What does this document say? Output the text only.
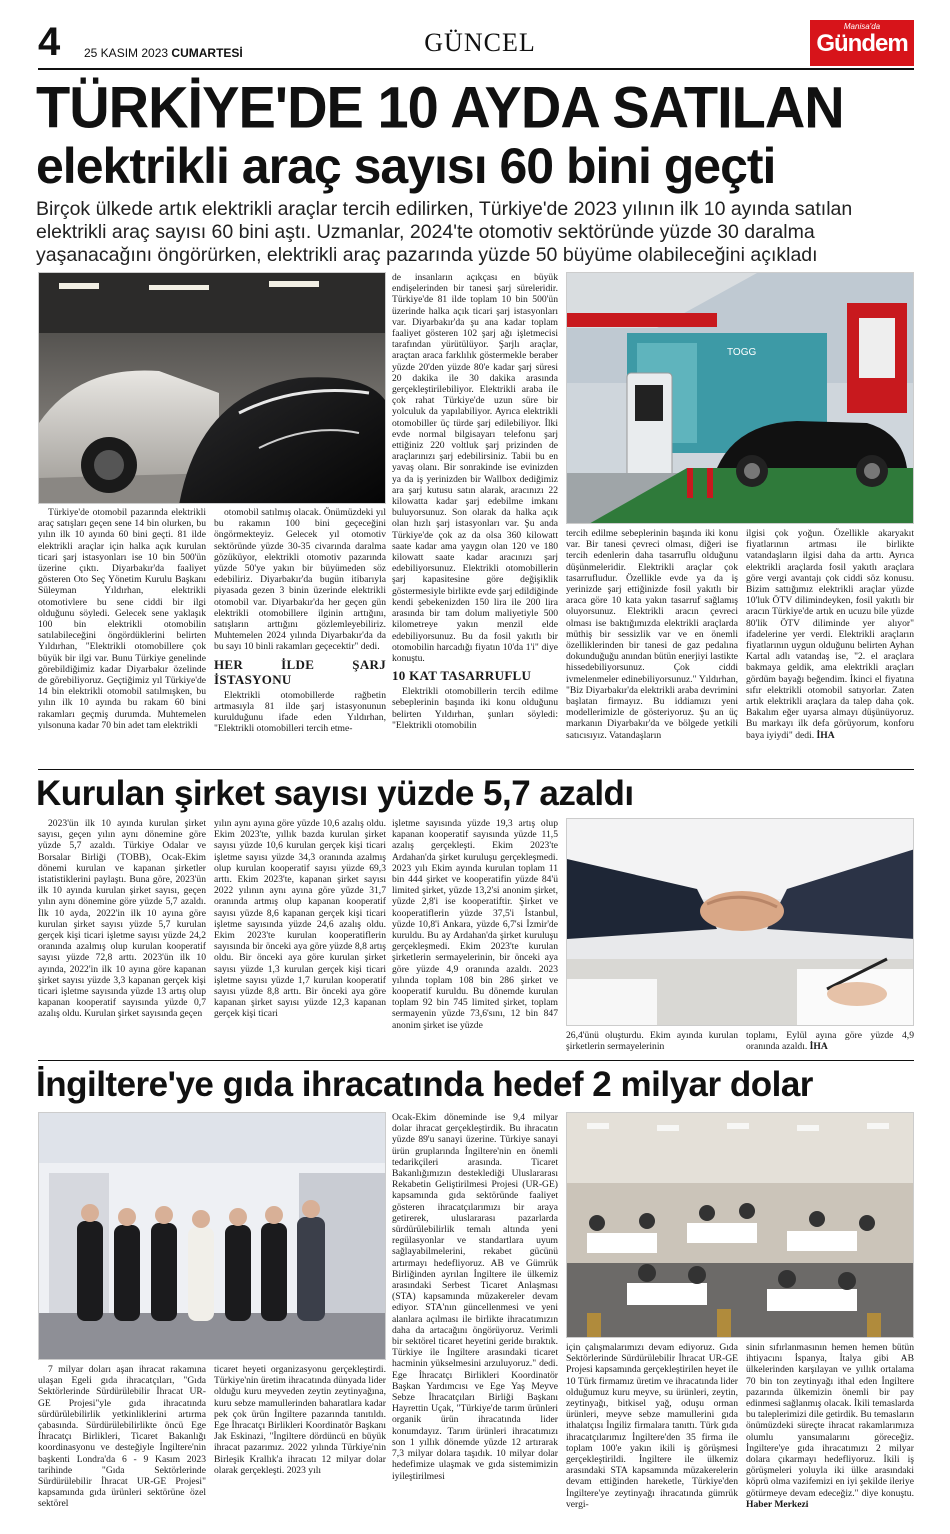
4 25 KASIM 2023 CUMARTESİ	GÜNCEL
Manisa'da
Gündem
TÜRKİYE'DE 10 AYDA SATILAN
elektrikli araç sayısı 60 bini geçti
Birçok ülkede artık elektrikli araçlar tercih edilirken, Türkiye'de 2023 yılının ilk 10 ayında satılan elektrikli araç sayısı 60 bini aştı. Uzmanlar, 2024'te otomotiv sektöründe yüzde 30 daralma yaşanacağını öngörürken, elektrikli araç pazarında yüzde 50 büyüme olabileceğini açıkladı
TOGG

Türkiye'de otomobil pazarında elektrikli araç satışları geçen sene 14 bin olurken, bu yılın ilk 10 ayında 60 bini geçti. 81 ilde elektrikli araçlar için halka açık kurulan ticari şarj istasyonları ise 10 bin 500'ün üzerine çıktı. Diyarbakır'da faaliyet gösteren Oto Seç Yönetim Kurulu Başkanı Süleyman Yıldırhan, elektrikli otomotivlere bu sene ciddi bir ilgi olduğunu söyledi. Gelecek sene yaklaşık 100 bin elektrikli otomobilin satılabileceğini öngördüklerini belirten Yıldırhan, "Elektrikli otomobillere çok büyük bir ilgi var. Bunu Türkiye genelinde görebildiğimiz kadar Diyarbakır özelinde de görebiliyoruz. Geçtiğimiz yıl Türkiye'de 14 bin elektrikli otomobil satılmışken, bu yılın ilk 10 ayında bu rakam 60 bini rakamları geçmiş durumda. Muhtemelen yılsonuna kadar 70 bin adet tam elektrikli

otomobil satılmış olacak. Önümüzdeki yıl bu rakamın 100 bini geçeceğini öngörmekteyiz. Gelecek yıl otomotiv sektöründe yüzde 30-35 civarında daralma gözüküyor, elektrikli otomotiv pazarında yüzde 50'ye yakın bir büyümeden söz edebiliriz. Diyarbakır'da bugün itibarıyla piyasada gezen 3 binin üzerinde elektrikli otomobil var. Diyarbakır'da her geçen gün elektrikli otomobillere ilginin arttığını, satışların arttığını gözlemleyebiliriz. Muhtemelen 2024 yılında Diyarbakır'da da bu sayı 10 binli rakamları geçecektir" dedi.

HER İLDE ŞARJ İSTASYONU

Elektrikli otomobillerde rağbetin artmasıyla 81 ilde şarj istasyonunun kurulduğunu ifade eden Yıldırhan, "Elektrikli otomobilleri tercih etme-

de insanların açıkçası en büyük endişelerinden bir tanesi şarj süreleridir. Türkiye'de 81 ilde toplam 10 bin 500'ün üzerinde halka açık ticari şarj istasyonları var. Diyarbakır'da şu ana kadar toplam faaliyet gösteren 102 şarj ağı işletmecisi tarafından yürütülüyor. Şarjlı araçlar, araçtan araca farklılık göstermekle beraber yüzde 20'den yüzde 80'e kadar şarj süresi 20 dakika ile 30 dakika arasında gerçekleştirilebiliyor. Elektrikli araba ile çok rahat Türkiye'de uzun süre bir yolculuk da yapılabiliyor. Ayrıca elektrikli otomobiller üç türde şarj edilebiliyor. İlki evde normal bilgisayarı telefonu şarj ettiğiniz 220 voltluk şarj prizinden de araçlarınızı şarj edebilirsiniz. Tabii bu en yavaş olanı. Bir sonrakinde ise evinizden ya da iş yerinizden bir Wallbox dediğimiz ara şarj kutusu satın alarak, aracınızı 22 kilowatta kadar şarj edebilme imkanı buluyorsunuz. Son olarak da halka açık olan hızlı şarj istasyonları var. Şu anda Türkiye'de çok az da olsa 360 kilowatt saate kadar ama yaygın olan 120 ve 180 kilowatt saate kadar aracınızı şarj edebiliyorsunuz. Elektrikli otomobillerin şarj kapasitesine göre değişiklik göstermesiyle birlikte evde şarj edildiğinde kendi şebekenizden 150 lira ile 200 lira arasında bir tam dolum maliyetiyle 500 kilometreye yakın menzil elde edebiliyorsunuz. Bu da fosil yakıtlı bir otomobilin harcadığı fiyatın 10'da 1'i" diye konuştu.

10 KAT TASARRUFLU

Elektrikli otomobillerin tercih edilme sebeplerinin başında iki konu olduğunu belirten Yıldırhan, şunları söyledi: "Elektrikli otomobilin

tercih edilme sebeplerinin başında iki konu var. Bir tanesi çevreci olması, diğeri ise tercih edenlerin daha tasarruflu olduğunu düşünmeleridir. Elektrikli araçlar çok tasarrufludur. Özellikle evde ya da iş yerinizde şarj ettiğinizde fosil yakıtlı bir araca göre 10 kata yakın tasarruf sağlamış oluyorsunuz. Elektrikli aracın çevreci olması ise baktığımızda elektrikli araçlarda müthiş bir sessizlik var ve en önemli özelliklerinden bir tanesi de gaz pedalına dokunduğuğu anından bütün enerjiyi lastikte hissedebiliyorsunuz. Çok ciddi ivmelenmeler edinebiliyorsunuz." Yıldırhan, "Biz Diyarbakır'da elektrikli araba devrimini başlatan firmayız. Bu iddiamızı yeni modellerimizle de gösteriyoruz. Şu an üç markanın Diyarbakır'da ve bölgede yetkili satıcısıyız. Vatandaşların

ilgisi çok yoğun. Özellikle akaryakıt fiyatlarının artması ile birlikte vatandaşların ilgisi daha da arttı. Ayrıca elektrikli araçlarda fosil yakıtlı araçlara göre vergi avantajı çok ciddi söz konusu. Bizim sattığımız elektrikli araçlar yüzde 10'luk ÖTV dilimindeyken, fosil yakıtlı bir aracın Türkiye'de artık en ucuzu bile yüzde 80'lik ÖTV diliminde yer alıyor" ifadelerine yer verdi. Elektrikli araçların fiyatlarının uygun olduğunu belirten Ayhan Kartal adlı vatandaş ise, "2. el araçlara bakmaya geldik, ama elektrikli araçları gördüm bayağı beğendim. İkinci el fiyatına sıfır elektrikli otomobil satıyorlar. Zaten artık elektrikli araçlara da talep daha çok. Bakalım eğer uyarsa almayı düşünüyoruz. Bu markayı ilk defa görüyorum, konforu baya iyiydi" dedi. İHA

Kurulan şirket sayısı yüzde 5,7 azaldı

2023'ün ilk 10 ayında kurulan şirket sayısı, geçen yılın aynı dönemine göre yüzde 5,7 azaldı. Türkiye Odalar ve Borsalar Birliği (TOBB), Ocak-Ekim dönemi kurulan ve kapanan şirketler istatistiklerini paylaştı. Buna göre, 2023'ün ilk 10 ayında kurulan şirket sayısı, geçen yılın aynı dönemine göre yüzde 5,7 azaldı. İlk 10 ayda, 2022'in ilk 10 ayına göre kurulan şirket sayısı yüzde 5,7 kurulan gerçek kişi ticari işletme sayısı yüzde 24,2 oranında azalmış olup kurulan kooperatif sayısı yüzde 72,8 arttı. 2023'ün ilk 10 ayında, 2022'in ilk 10 ayına göre kapanan şirket sayısı yüzde 3,3 kapanan gerçek kişi ticari işletme sayısında yüzde 13 artış olup kapanan kooperatif sayısında yüzde 0,7 azalış oldu. Kurulan şirket sayısında geçen

yılın aynı ayına göre yüzde 10,6 azalış oldu. Ekim 2023'te, yıllık bazda kurulan şirket sayısı yüzde 10,6 kurulan gerçek kişi ticari işletme sayısı yüzde 34,3 oranında azalmış olup kurulan kooperatif sayısı yüzde 69,3 arttı. Ekim 2023'te, kapanan şirket sayısı 2022 yılının aynı ayına göre yüzde 31,7 oranında artmış olup kapanan kooperatif sayısı yüzde 8,6 kapanan gerçek kişi ticari işletme sayısında yüzde 24,6 azalış oldu. Ekim 2023'te kurulan kooperatiflerin sayısında bir önceki aya göre yüzde 8,8 artış oldu. Bir önceki aya göre kurulan şirket sayısı yüzde 1,3 kurulan gerçek kişi ticari işletme sayısı yüzde 1,7 kurulan kooperatif sayısı yüzde 8,8 arttı. Bir önceki aya göre kapanan şirket sayısı yüzde 12,3 kapanan gerçek kişi ticari

işletme sayısında yüzde 19,3 artış olup kapanan kooperatif sayısında yüzde 11,5 azalış gerçekleşti. Ekim 2023'te Ardahan'da şirket kuruluşu gerçekleşmedi. 2023 yılı Ekim ayında kurulan toplam 11 bin 444 şirket ve kooperatifin yüzde 84'ü limited şirket, yüzde 13,2'si anonim şirket, yüzde 2,8'i ise kooperatiftir. Şirket ve kooperatiflerin yüzde 37,5'i İstanbul, yüzde 10,8'i Ankara, yüzde 6,7'si İzmir'de kuruldu. Bu ay Ardahan'da şirket kuruluşu gerçekleşmedi. Ekim 2023'te kurulan şirketlerin sermayelerinin, bir önceki aya göre yüzde 4,9 oranında azaldı. 2023 yılında toplam 108 bin 286 şirket ve kooperatif kuruldu. Bu dönemde kurulan toplam 92 bin 745 limited şirket, toplam sermayenin yüzde 73,6'sını, 12 bin 847 anonim şirket ise yüzde

26,4'ünü oluşturdu. Ekim ayında kurulan şirketlerin sermayelerinin

toplamı, Eylül ayına göre yüzde 4,9 oranında azaldı. İHA

İngiltere'ye gıda ihracatında hedef 2 milyar dolar

7 milyar doları aşan ihracat rakamına ulaşan Egeli gıda ihracatçıları, "Gıda Sektörlerinde Sürdürülebilir İhracat UR-GE Projesi"yle gıda ihracatında sürdürülebilirlik yetkinliklerini artırma çabasında. Sürdürülebilirlikte öncü Ege İhracatçı Birlikleri, Ticaret Bakanlığı koordinasyonu ve desteğiyle İngiltere'nin başkenti Londra'da 6 - 9 Kasım 2023 tarihinde "Gıda Sektörlerinde Sürdürülebilir İhracat UR-GE Projesi" kapsamında gıda ürünleri sektörüne özel sektörel

ticaret heyeti organizasyonu gerçekleştirdi. Türkiye'nin üretim ihracatında dünyada lider olduğu kuru meyveden zeytin zeytinyağına, kuru sebze mamullerinden baharatlara kadar pek çok ürün İngiltere pazarında tanıtıldı. Ege İhracatçı Birlikleri Koordinatör Başkanı Jak Eskinazi, "İngiltere dördüncü en büyük ihracat pazarımız. 2022 yılında Türkiye'nin Birleşik Krallık'a ihracatı 12 milyar dolar olarak gerçekleşti. 2023 yılı

Ocak-Ekim döneminde ise 9,4 milyar dolar ihracat gerçekleştirdik. Bu ihracatın yüzde 89'u sanayi üzerine. Türkiye sanayi ürün gruplarında İngiltere'nin en önemli tedarikçileri arasında. Ticaret Bakanlığımızın desteklediği Uluslararası Rekabetin Geliştirilmesi Projesi (UR-GE) kapsamında gıda sektöründe faaliyet gösteren ihracatçılarımızı bir araya getirerek, uluslararası pazarlarda sürdürülebilirlik temalı altında yeni regülasyonlar ve standartlara uyum sağlayabilmelerini, rekabet gücünü artırmayı hedefliyoruz. AB ve Gümrük Birliğinden ayrılan İngiltere ile ülkemiz arasındaki Serbest Ticaret Anlaşması (STA) kapsamında müzakereler devam ediyor. STA'nın güncellenmesi ve yeni alanlara açılması ile birlikte ihracatımızın daha da artacağını öngörüyoruz. Verimli bir sektörel ticaret heyetini geride bıraktık. Türkiye ile İngiltere arasındaki ticaret hacminin yükselmesini arzuluyoruz." dedi. Ege İhracatçı Birlikleri Koordinatör Başkan Yardımcısı ve Ege Yaş Meyve Sebze İhracatçıları Birliği Başkanı Hayrettin Uçak, "Türkiye'de tarım ürünleri organik ürün ihracatında lider konumdayız. Tarım ürünleri ihracatımızı son 1 yıllık dönemde yüzde 12 artırarak 7,3 milyar dolara taşıdık. 10 milyar dolar hedefimize ulaşmak ve gıda sistemimizin iyileştirilmesi

için çalışmalarımızı devam ediyoruz. Gıda Sektörlerinde Sürdürülebilir İhracat UR-GE Projesi kapsamında gerçekleştirilen heyet ile 10 Türk firmamız üretim ve ihracatında lider olduğumuz kuru meyve, su ürünleri, zeytin, zeytinyağı, bitkisel yağ, oduşu orman ürünleri, meyve sebze mamullerini gıda ithalatçısı İngiliz firmalara tanıttı. Türk gıda ihracatçılarımız İngiltere'den 35 firma ile toplam 100'e yakın ikili iş görüşmesi gerçekleştirildi. İngiltere ile ülkemiz arasındaki STA kapsamında müzakerelerin devam ettiğinden hareketle, Türkiye'den İngiltere'ye zeytinyağı ihracatında gümrük vergi-

sinin sıfırlanmasının hemen hemen bütün ihtiyacını İspanya, İtalya gibi AB ülkelerinden karşılayan ve yıllık ortalama 70 bin ton zeytinyağı ithal eden İngiltere pazarında ülkemizin önemli bir pay edinmesi sağlanmış olacak. İkili temaslarda bu taleplerimizi dile getirdik. Bu temasların önümüzdeki süreçte ihracat rakamlarımıza olumlu yansımalarını göreceğiz. İngiltere'ye gıda ihracatımızı 2 milyar dolara çıkarmayı hedefliyoruz. İkili iş görüşmeleri yoluyla iki ülke arasındaki köprü olma vazifemizi en iyi şekilde ileriye götürmeye devam edeceğiz." diye konuştu. Haber Merkezi
